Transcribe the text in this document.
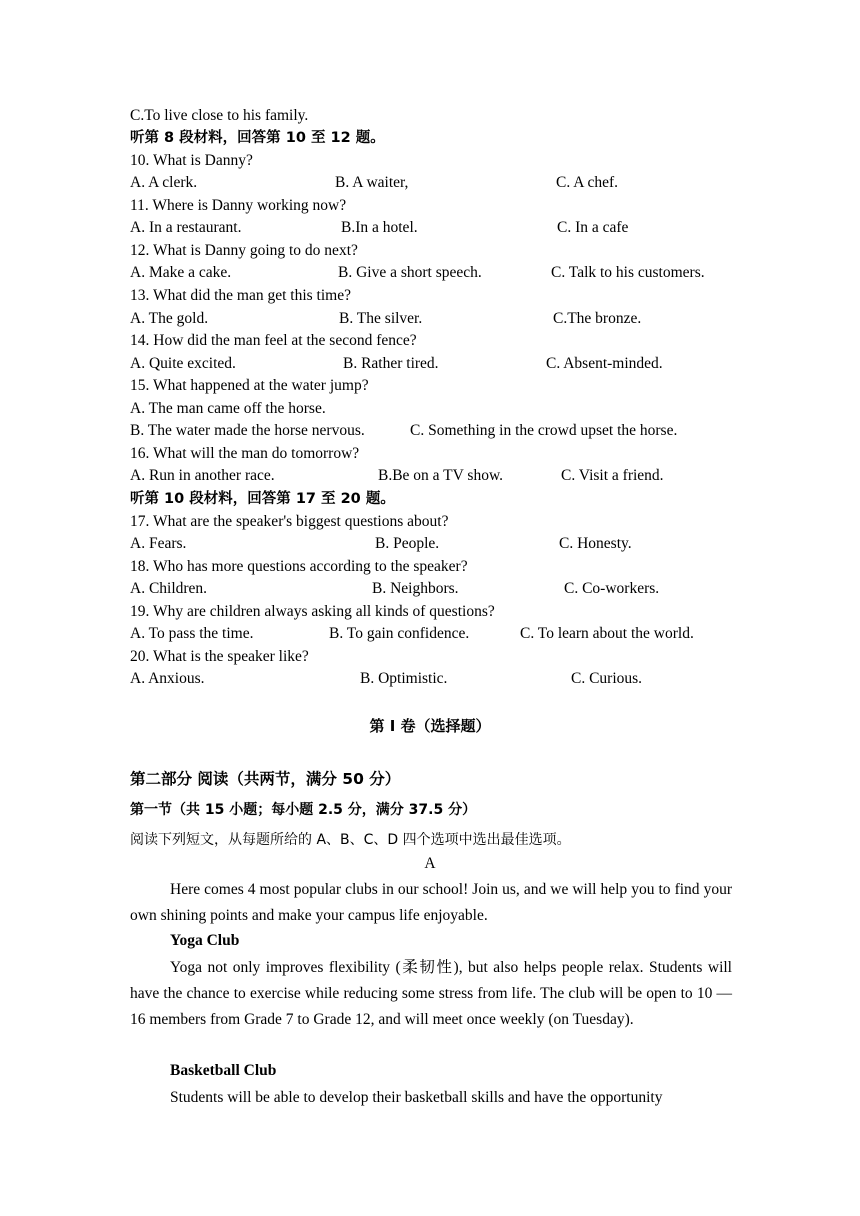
C.To live close to his family.
听第 8 段材料，回答第 10 至 12 题。
10. What is Danny?
A. A clerk.	B. A waiter,	C. A chef.
11. Where is Danny working now?
A. In a restaurant.	B.In a hotel.	C. In a cafe
12. What is Danny going to do next?
A. Make a cake.	B. Give a short speech.	C. Talk to his customers.
13. What did the man get this time?
A. The gold.	B. The silver.	C.The bronze.
14. How did the man feel at the second fence?
A. Quite excited.	B. Rather tired.	C. Absent-minded.
15. What happened at the water jump?
A. The man came off the horse.
B. The water made the horse nervous.	C. Something in the crowd upset the horse.
16. What will the man do tomorrow?
A. Run in another race.	B.Be on a TV show.	C. Visit a friend.
听第 10 段材料，回答第 17 至 20 题。
17. What are the speaker's biggest questions about?
A. Fears.	B. People.	C. Honesty.
18. Who has more questions according to the speaker?
A. Children.	B. Neighbors.	C. Co-workers.
19. Why are children always asking all kinds of questions?
A. To pass the time.	B. To gain confidence.	C. To learn about the world.
20. What is the speaker like?
A. Anxious.	B. Optimistic.	C. Curious.
第 I 卷（选择题）
第二部分 阅读（共两节，满分 50 分）
第一节（共 15 小题；每小题 2.5 分，满分 37.5 分）
阅读下列短文，从每题所给的 A、B、C、D 四个选项中选出最佳选项。
A
Here comes 4 most popular clubs in our school! Join us, and we will help you to find your own shining points and make your campus life enjoyable.
Yoga Club
Yoga not only improves flexibility (柔韧性), but also helps people relax. Students will have the chance to exercise while reducing some stress from life. The club will be open to 10 — 16 members from Grade 7 to Grade 12, and will meet once weekly (on Tuesday).
Basketball Club
Students will be able to develop their basketball skills and have the opportunity
